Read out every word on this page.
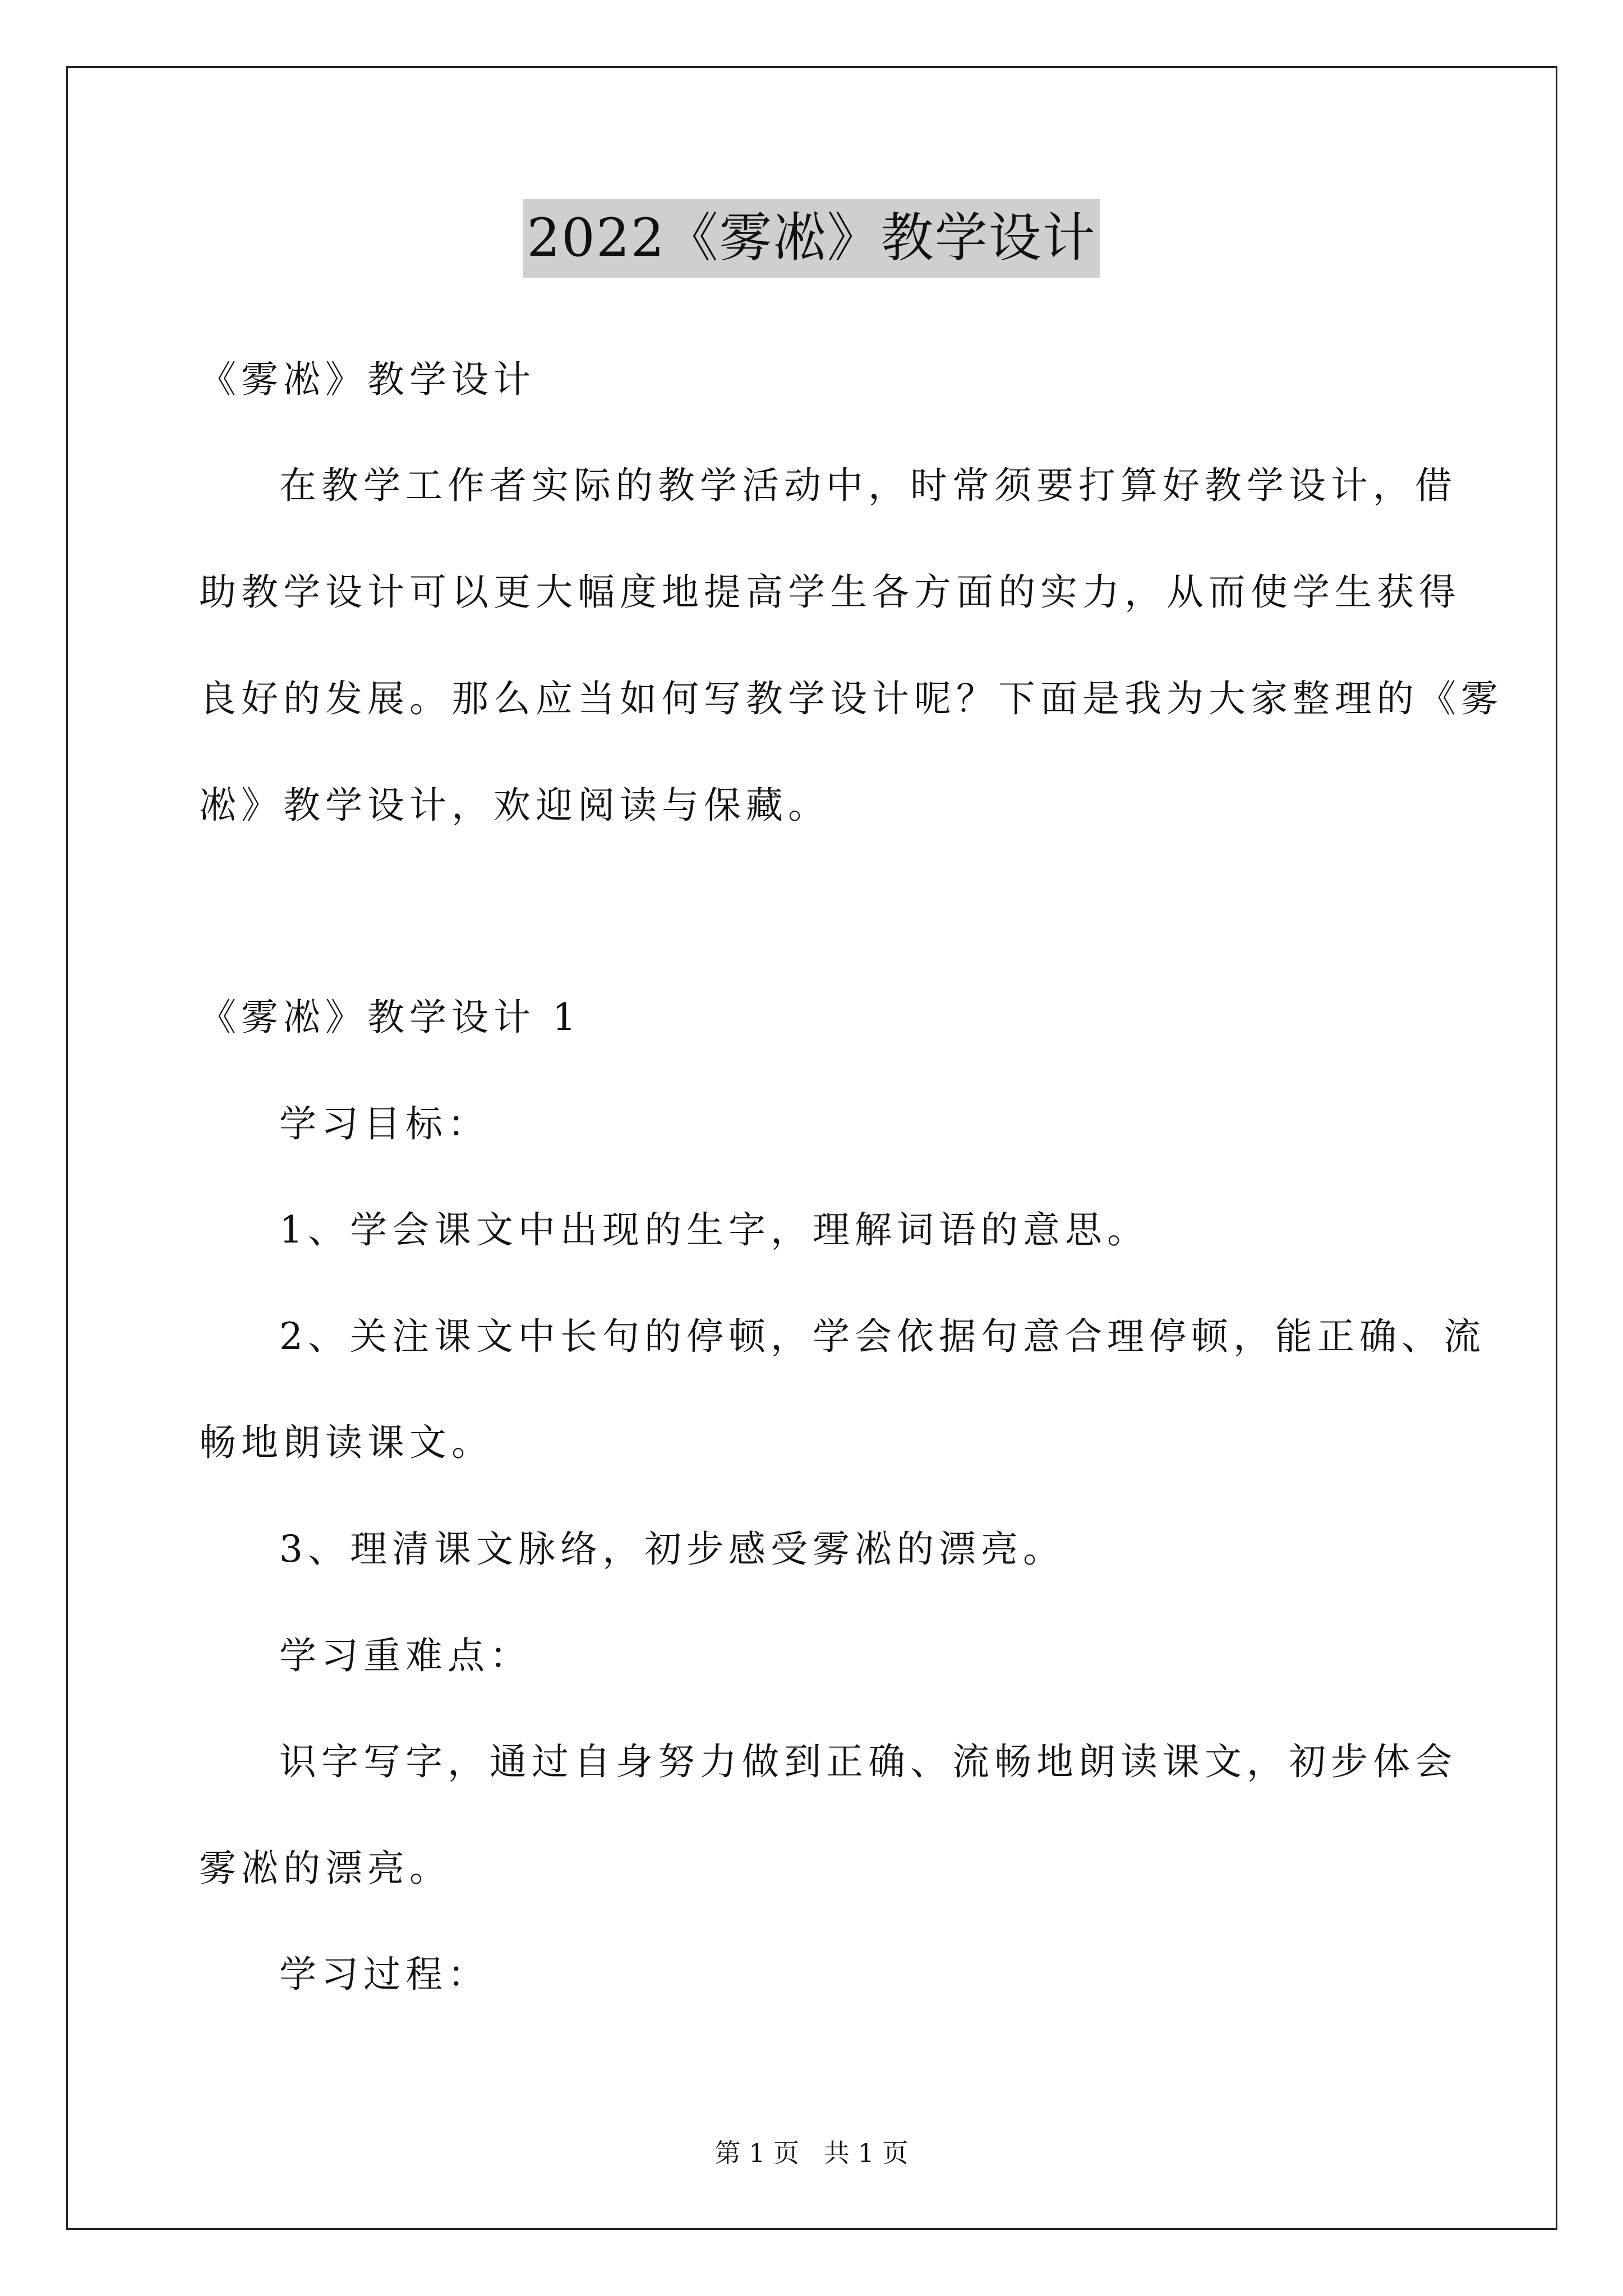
2022《雾凇》教学设计
《雾凇》教学设计
在教学工作者实际的教学活动中，时常须要打算好教学设计，借
助教学设计可以更大幅度地提高学生各方面的实力，从而使学生获得
良好的发展。那么应当如何写教学设计呢？下面是我为大家整理的《雾
凇》教学设计，欢迎阅读与保藏。
《雾凇》教学设计 1
学习目标：
1、学会课文中出现的生字，理解词语的意思。
2、关注课文中长句的停顿，学会依据句意合理停顿，能正确、流
畅地朗读课文。
3、理清课文脉络，初步感受雾凇的漂亮。
学习重难点：
识字写字，通过自身努力做到正确、流畅地朗读课文，初步体会
雾凇的漂亮。
学习过程：
第 1 页   共 1 页
